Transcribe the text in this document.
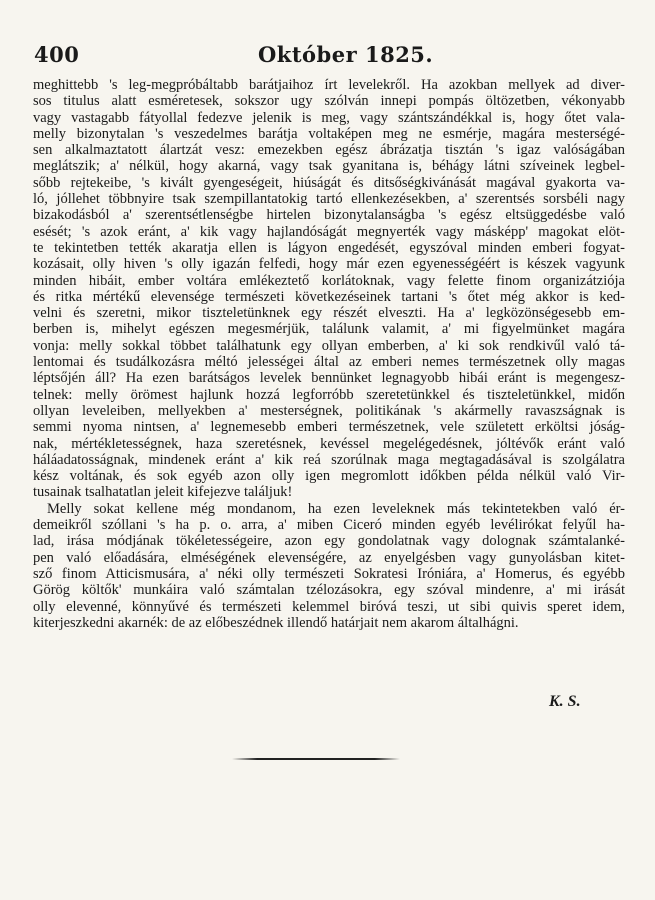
400	Október 1825.

meghittebb 's leg-megpróbáltabb barátjaihoz írt levelekről. Ha azokban mellyek ad diver-
sos titulus alatt esméretesek, sokszor ugy szólván innepi pompás öltözetben, vékonyabb
vagy vastagabb fátyollal fedezve jelenik is meg, vagy szántszándékkal is, hogy őtet vala-
melly bizonytalan 's veszedelmes barátja voltaképen meg ne esmérje, magára mesterségé-
sen alkalmaztatott álartzát vesz: emezekben egész ábrázatja tisztán 's igaz valóságában
meglátszik; a' nélkül, hogy akarná, vagy tsak gyanitana is, béhágy látni szíveinek legbel-
sőbb rejtekeibe, 's kivált gyengeségeit, hiúságát és ditsőségkivánását magával gyakorta va-
ló, jóllehet többnyire tsak szempillantatokig tartó ellenkezésekben, a' szerentsés sorsbéli nagy
bizakodásból a' szerentsétlenségbe hirtelen bizonytalanságba 's egész eltsüggedésbe való
esését; 's azok eránt, a' kik vagy hajlandóságát megnyerték vagy másképp' magokat elöt-
te tekintetben tették akaratja ellen is lágyon engedését, egyszóval minden emberi fogyat-
kozásait, olly hiven 's olly igazán felfedi, hogy már ezen egyenességéért is készek vagyunk
minden hibáit, ember voltára emlékeztető korlátoknak, vagy felette finom organizátziója
és ritka mértékű elevensége természeti következéseinek tartani 's őtet még akkor is ked-
velni és szeretni, mikor tiszteletünknek egy részét elveszti. Ha a' legközönségesebb em-
berben is, mihelyt egészen megesmérjük, találunk valamit, a' mi figyelmünket magára
vonja: melly sokkal többet találhatunk egy ollyan emberben, a' ki sok rendkivűl való tá-
lentomai és tsudálkozásra méltó jelességei által az emberi nemes természetnek olly magas
léptsőjén áll? Ha ezen barátságos levelek bennünket legnagyobb hibái eránt is megengesz-
telnek: melly örömest hajlunk hozzá legforróbb szeretetünkkel és tiszteletünkkel, midőn
ollyan leveleiben, mellyekben a' mesterségnek, politikának 's akármelly ravaszságnak is
semmi nyoma nintsen, a' legnemesebb emberi természetnek, vele született erköltsi jóság-
nak, mértékletességnek, haza szeretésnek, kevéssel megelégedésnek, jóltévők eránt való
háláadatosságnak, mindenek eránt a' kik reá szorúlnak maga megtagadásával is szolgálatra
kész voltának, és sok egyéb azon olly igen megromlott időkben példa nélkül való Vir-
tusainak tsalhatatlan jeleit kifejezve találjuk!

Melly sokat kellene még mondanom, ha ezen leveleknek más tekintetekben való ér-
demeikről szóllani 's ha p. o. arra, a' miben Ciceró minden egyéb levélirókat felyűl ha-
lad, irása módjának tökéletességeire, azon egy gondolatnak vagy dolognak számtalanké-
pen való előadására, elméségének elevenségére, az enyelgésben vagy gunyolásban kitet-
sző finom Atticismusára, a' néki olly természeti Sokratesi Iróniára, a' Homerus, és egyébb
Görög költők' munkáira való számtalan tzélozásokra, egy szóval mindenre, a' mi irását
olly elevenné, könnyűvé és természeti kelemmel biróvá teszi, ut sibi quivis speret idem,
kiterjeszkedni akarnék: de az előbeszédnek illendő határjait nem akarom általhágni.

K. S.
